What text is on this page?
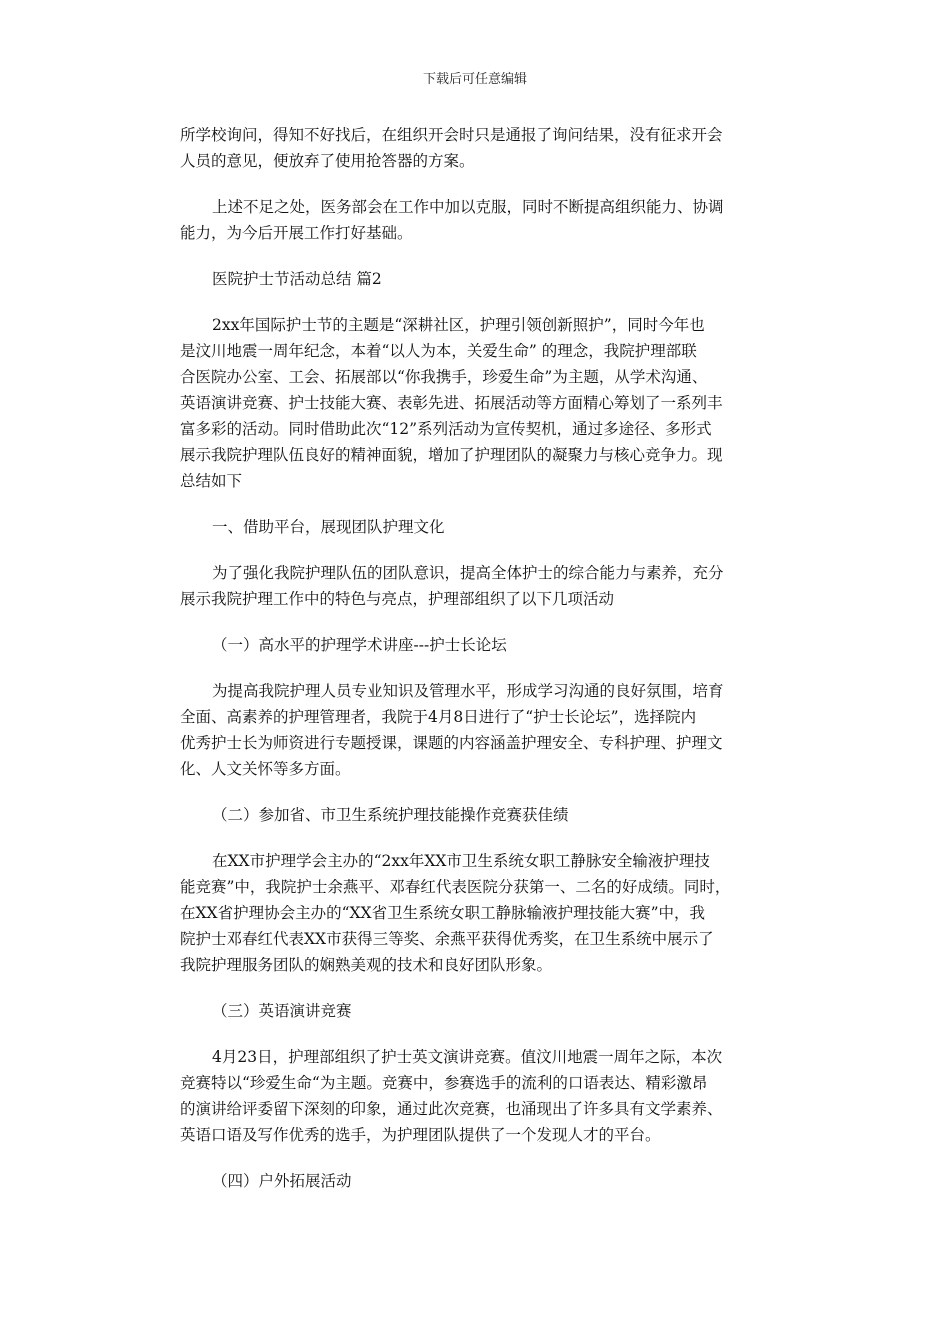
下载后可任意编辑
所学校询问，得知不好找后，在组织开会时只是通报了询问结果，没有征求开会
人员的意见，便放弃了使用抢答器的方案。
上述不足之处，医务部会在工作中加以克服，同时不断提高组织能力、协调
能力，为今后开展工作打好基础。
医院护士节活动总结 篇2
2xx年国际护士节的主题是“深耕社区，护理引领创新照护”，同时今年也
是汶川地震一周年纪念，本着“以人为本，关爱生命” 的理念，我院护理部联
合医院办公室、工会、拓展部以“你我携手，珍爱生命”为主题，从学术沟通、
英语演讲竞赛、护士技能大赛、表彰先进、拓展活动等方面精心筹划了一系列丰
富多彩的活动。同时借助此次“12”系列活动为宣传契机，通过多途径、多形式
展示我院护理队伍良好的精神面貌，增加了护理团队的凝聚力与核心竞争力。现
总结如下
一、借助平台，展现团队护理文化
为了强化我院护理队伍的团队意识，提高全体护士的综合能力与素养，充分
展示我院护理工作中的特色与亮点，护理部组织了以下几项活动
（一）高水平的护理学术讲座---护士长论坛
为提高我院护理人员专业知识及管理水平，形成学习沟通的良好氛围，培育
全面、高素养的护理管理者，我院于4月8日进行了“护士长论坛”，选择院内
优秀护士长为师资进行专题授课，课题的内容涵盖护理安全、专科护理、护理文
化、人文关怀等多方面。
（二）参加省、市卫生系统护理技能操作竞赛获佳绩
在XX市护理学会主办的“2xx年XX市卫生系统女职工静脉安全输液护理技
能竞赛”中，我院护士余燕平、邓春红代表医院分获第一、二名的好成绩。同时，
在XX省护理协会主办的“XX省卫生系统女职工静脉输液护理技能大赛”中，我
院护士邓春红代表XX市获得三等奖、余燕平获得优秀奖，在卫生系统中展示了
我院护理服务团队的娴熟美观的技术和良好团队形象。
（三）英语演讲竞赛
4月23日，护理部组织了护士英文演讲竞赛。值汶川地震一周年之际，本次
竞赛特以“珍爱生命“为主题。竞赛中，参赛选手的流利的口语表达、精彩激昂
的演讲给评委留下深刻的印象，通过此次竞赛，也涌现出了许多具有文学素养、
英语口语及写作优秀的选手，为护理团队提供了一个发现人才的平台。
（四）户外拓展活动
